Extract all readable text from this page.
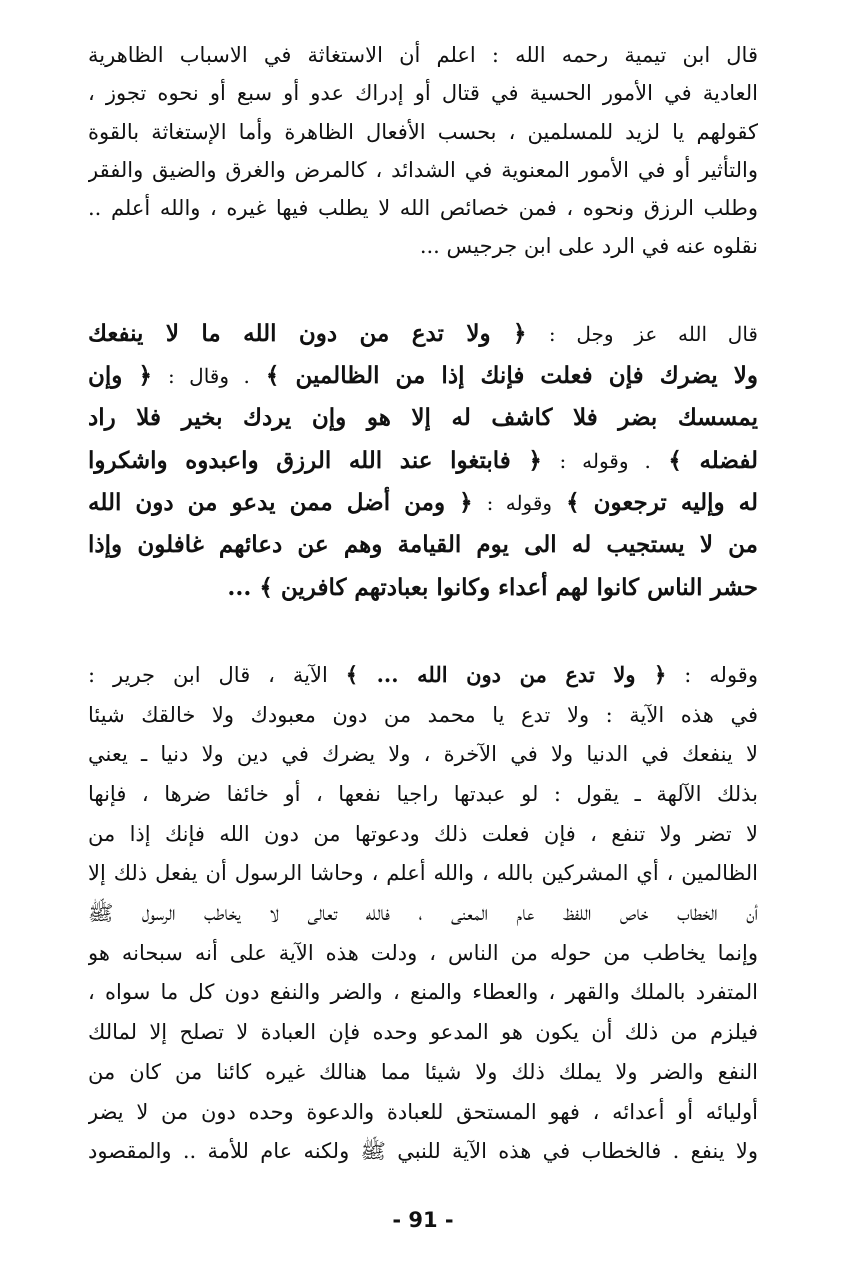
قال ابن تيمية رحمه الله : اعلم أن الاستغاثة في الاسباب الظاهرية
العادية في الأمور الحسية في قتال أو إدراك عدو أو سبع أو نحوه تجوز ،
كقولهم يا لزيد للمسلمين ، بحسب الأفعال الظاهرة وأما الإستغاثة بالقوة
والتأثير أو في الأمور المعنوية في الشدائد ، كالمرض والغرق والضيق والفقر
وطلب الرزق ونحوه ، فمن خصائص الله لا يطلب فيها غيره ، والله أعلم ..
نقلوه عنه في الرد على ابن جرجيس ...
قال الله عز وجل : ﴿ ولا تدع من دون الله ما لا ينفعك
ولا يضرك فإن فعلت فإنك إذا من الظالمين ﴾ . وقال : ﴿ وإن
يمسسك بضر فلا كاشف له إلا هو وإن يردك بخير فلا راد
لفضله ﴾ . وقوله : ﴿ فابتغوا عند الله الرزق واعبدوه واشكروا
له وإليه ترجعون ﴾ وقوله : ﴿ ومن أضل ممن يدعو من دون الله
من لا يستجيب له الى يوم القيامة وهم عن دعائهم غافلون وإذا
حشر الناس كانوا لهم أعداء وكانوا بعبادتهم كافرين ﴾ ...
وقوله : ﴿ ولا تدع من دون الله ... ﴾ الآية ، قال ابن جرير :
في هذه الآية : ولا تدع يا محمد من دون معبودك ولا خالقك شيئا
لا ينفعك في الدنيا ولا في الآخرة ، ولا يضرك في دين ولا دنيا ـ يعني
بذلك الآلهة ـ يقول : لو عبدتها راجيا نفعها ، أو خائفا ضرها ، فإنها
لا تضر ولا تنفع ، فإن فعلت ذلك ودعوتها من دون الله فإنك إذا من
الظالمين ، أي المشركين بالله ، والله أعلم ، وحاشا الرسول أن يفعل ذلك إلا
أن الخطاب خاص اللفظ عام المعنى ، فالله تعالى لا يخاطب الرسول ﷺ
وإنما يخاطب من حوله من الناس ، ودلت هذه الآية على أنه سبحانه هو
المتفرد بالملك والقهر ، والعطاء والمنع ، والضر والنفع دون كل ما سواه ،
فيلزم من ذلك أن يكون هو المدعو وحده فإن العبادة لا تصلح إلا لمالك
النفع والضر ولا يملك ذلك ولا شيئا مما هنالك غيره كائنا من كان من
أوليائه أو أعدائه ، فهو المستحق للعبادة والدعوة وحده دون من لا يضر
ولا ينفع . فالخطاب في هذه الآية للنبي ﷺ ولكنه عام للأمة .. والمقصود
- 91 -
